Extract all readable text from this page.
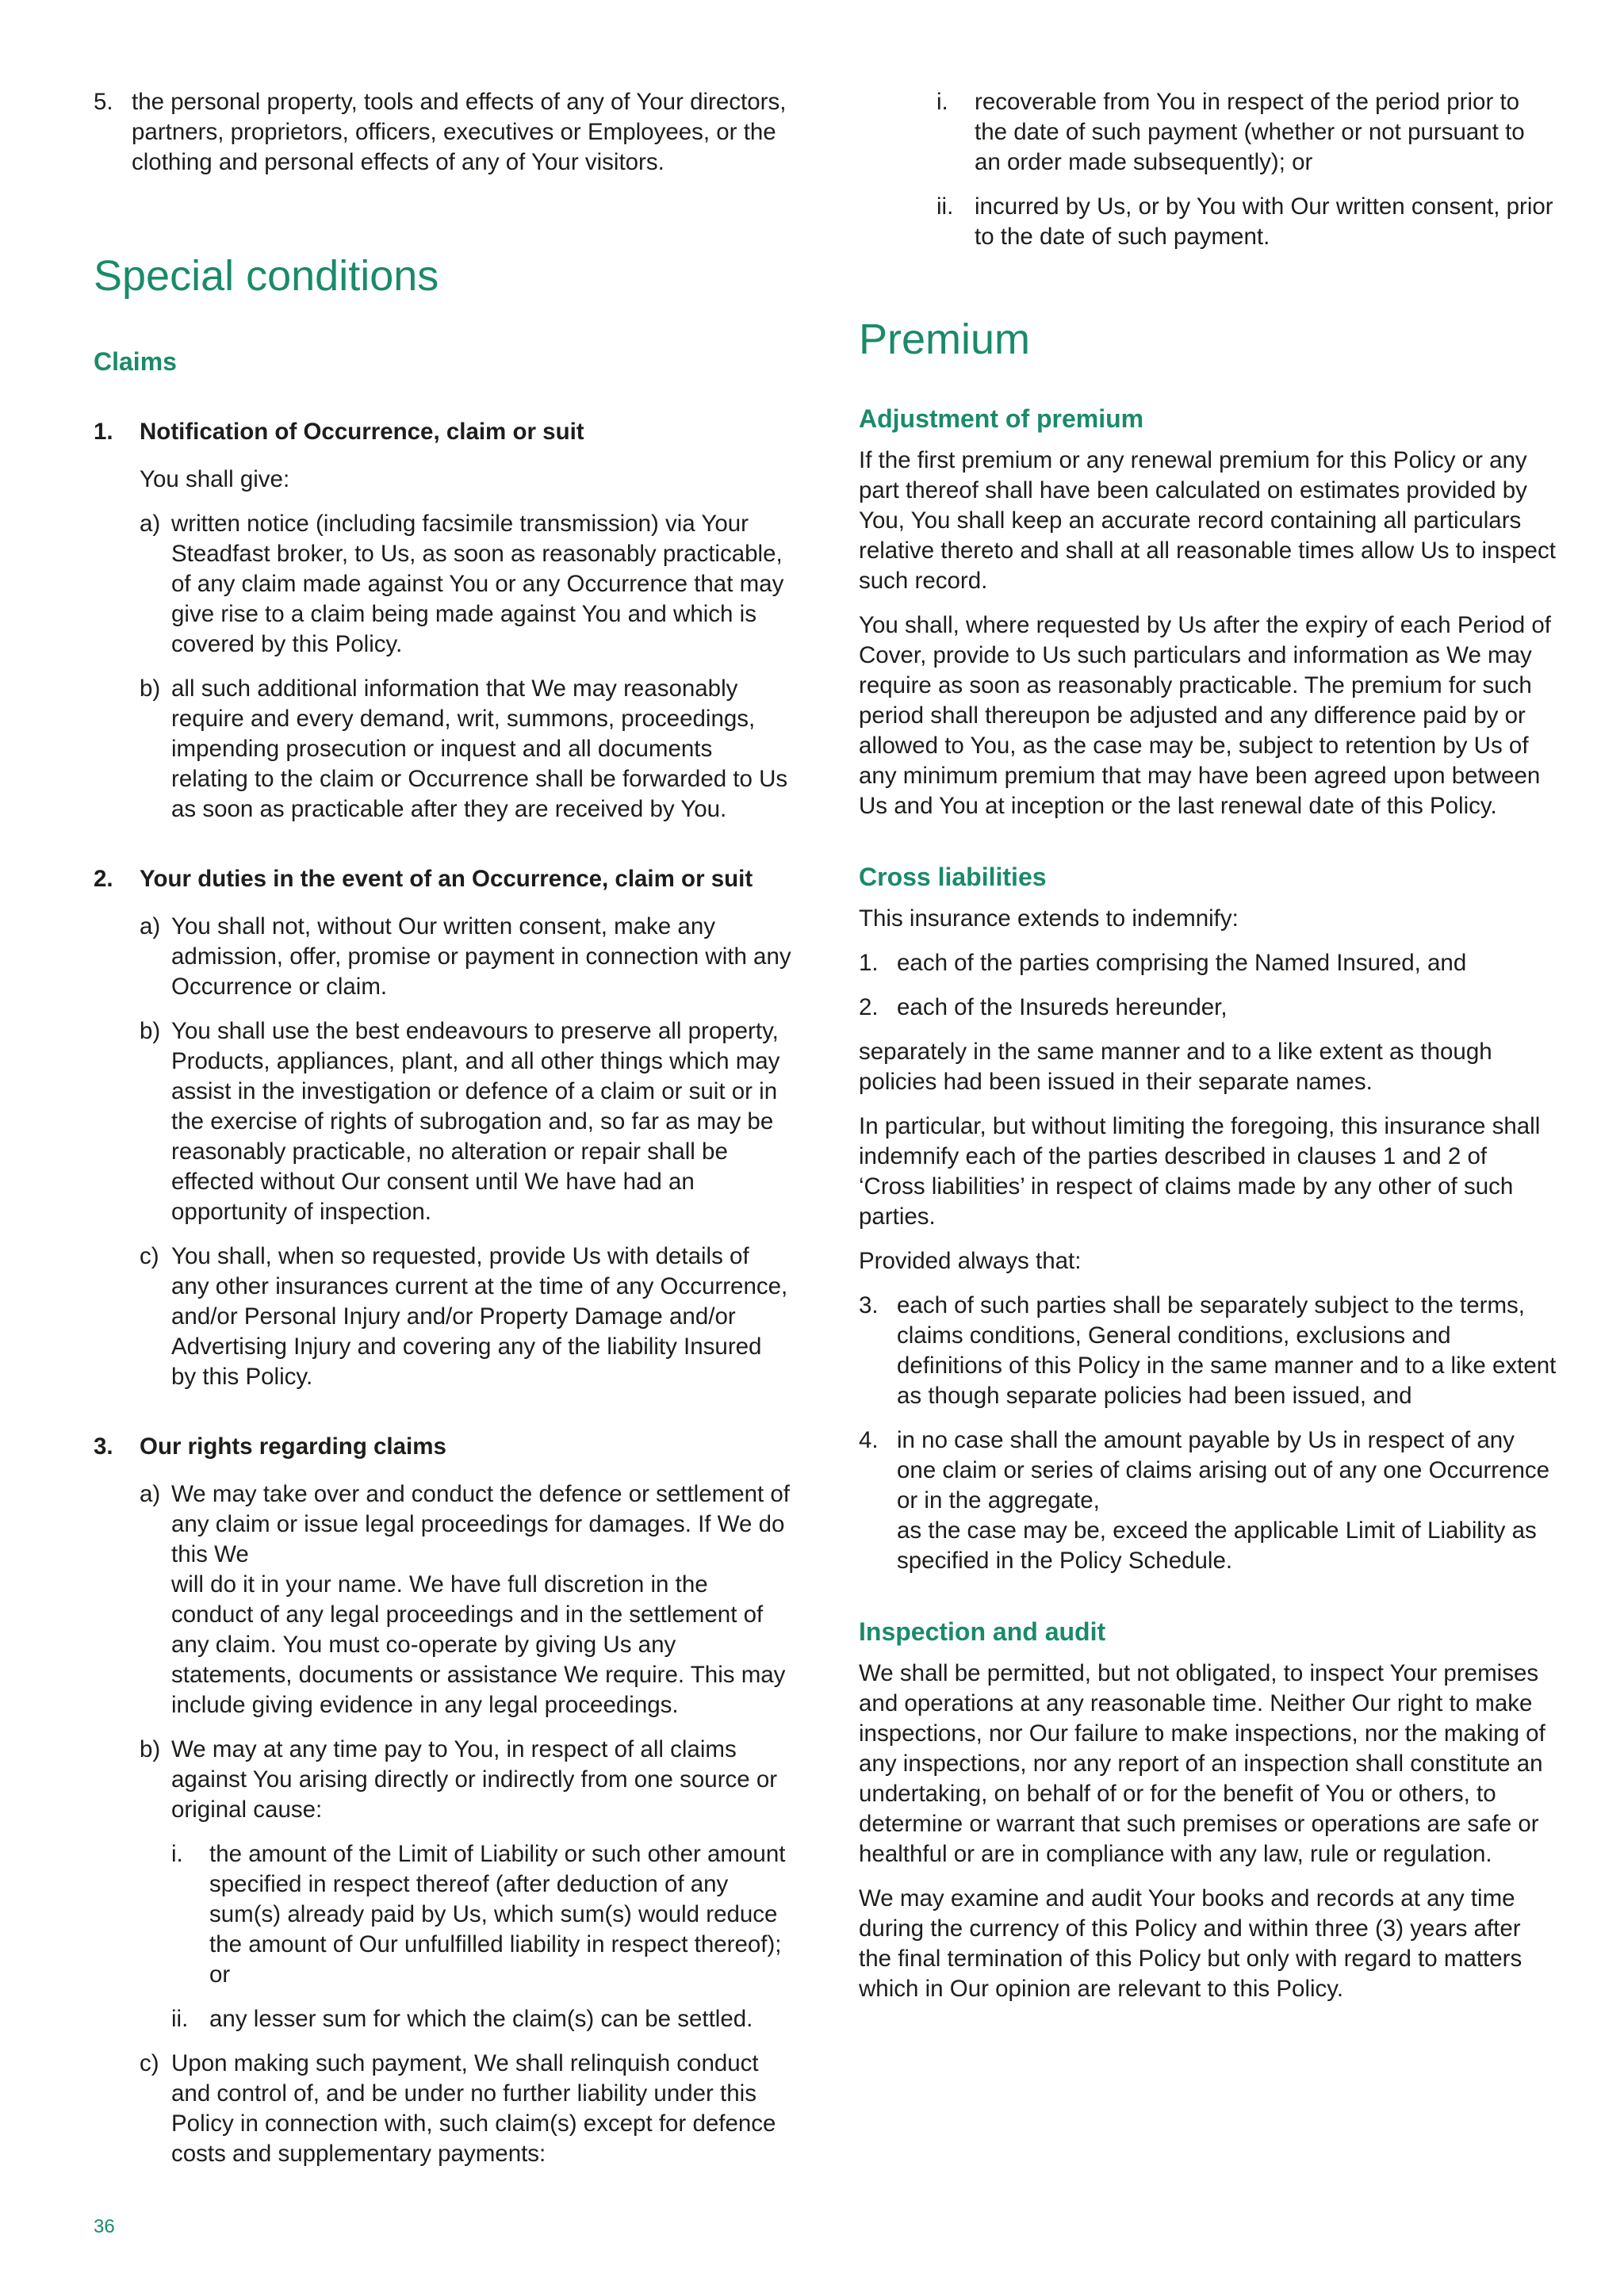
5. the personal property, tools and effects of any of Your directors, partners, proprietors, officers, executives or Employees, or the clothing and personal effects of any of Your visitors.
Special conditions
Claims
1. Notification of Occurrence, claim or suit

You shall give:

a) written notice (including facsimile transmission) via Your Steadfast broker, to Us, as soon as reasonably practicable, of any claim made against You or any Occurrence that may give rise to a claim being made against You and which is covered by this Policy.
b) all such additional information that We may reasonably require and every demand, writ, summons, proceedings, impending prosecution or inquest and all documents relating to the claim or Occurrence shall be forwarded to Us as soon as practicable after they are received by You.
2. Your duties in the event of an Occurrence, claim or suit
a) You shall not, without Our written consent, make any admission, offer, promise or payment in connection with any Occurrence or claim.
b) You shall use the best endeavours to preserve all property, Products, appliances, plant, and all other things which may assist in the investigation or defence of a claim or suit or in the exercise of rights of subrogation and, so far as may be reasonably practicable, no alteration or repair shall be effected without Our consent until We have had an opportunity of inspection.
c) You shall, when so requested, provide Us with details of any other insurances current at the time of any Occurrence, and/or Personal Injury and/or Property Damage and/or Advertising Injury and covering any of the liability Insured by this Policy.
3. Our rights regarding claims
a) We may take over and conduct the defence or settlement of any claim or issue legal proceedings for damages. If We do this We
will do it in your name. We have full discretion in the conduct of any legal proceedings and in the settlement of any claim. You must co-operate by giving Us any statements, documents or assistance We require. This may include giving evidence in any legal proceedings.
b) We may at any time pay to You, in respect of all claims against You arising directly or indirectly from one source or original cause:
i. the amount of the Limit of Liability or such other amount specified in respect thereof (after deduction of any sum(s) already paid by Us, which sum(s) would reduce the amount of Our unfulfilled liability in respect thereof); or
ii. any lesser sum for which the claim(s) can be settled.
c) Upon making such payment, We shall relinquish conduct and control of, and be under no further liability under this Policy in connection with, such claim(s) except for defence costs and supplementary payments:
i. recoverable from You in respect of the period prior to the date of such payment (whether or not pursuant to an order made subsequently); or
ii. incurred by Us, or by You with Our written consent, prior to the date of such payment.
Premium
Adjustment of premium

If the first premium or any renewal premium for this Policy or any part thereof shall have been calculated on estimates provided by You, You shall keep an accurate record containing all particulars relative thereto and shall at all reasonable times allow Us to inspect such record.

You shall, where requested by Us after the expiry of each Period of Cover, provide to Us such particulars and information as We may require as soon as reasonably practicable. The premium for such period shall thereupon be adjusted and any difference paid by or allowed to You, as the case may be, subject to retention by Us of any minimum premium that may have been agreed upon between Us and You at inception or the last renewal date of this Policy.

Cross liabilities

This insurance extends to indemnify:

1. each of the parties comprising the Named Insured, and
2. each of the Insureds hereunder,

separately in the same manner and to a like extent as though policies had been issued in their separate names.

In particular, but without limiting the foregoing, this insurance shall indemnify each of the parties described in clauses 1 and 2 of ‘Cross liabilities’ in respect of claims made by any other of such parties.

Provided always that:

3. each of such parties shall be separately subject to the terms, claims conditions, General conditions, exclusions and definitions of this Policy in the same manner and to a like extent as though separate policies had been issued, and
4. in no case shall the amount payable by Us in respect of any one claim or series of claims arising out of any one Occurrence or in the aggregate,
as the case may be, exceed the applicable Limit of Liability as specified in the Policy Schedule.
Inspection and audit

We shall be permitted, but not obligated, to inspect Your premises and operations at any reasonable time. Neither Our right to make inspections, nor Our failure to make inspections, nor the making of any inspections, nor any report of an inspection shall constitute an undertaking, on behalf of or for the benefit of You or others, to determine or warrant that such premises or operations are safe or healthful or are in compliance with any law, rule or regulation.

We may examine and audit Your books and records at any time during the currency of this Policy and within three (3) years after the final termination of this Policy but only with regard to matters which in Our opinion are relevant to this Policy.

36
